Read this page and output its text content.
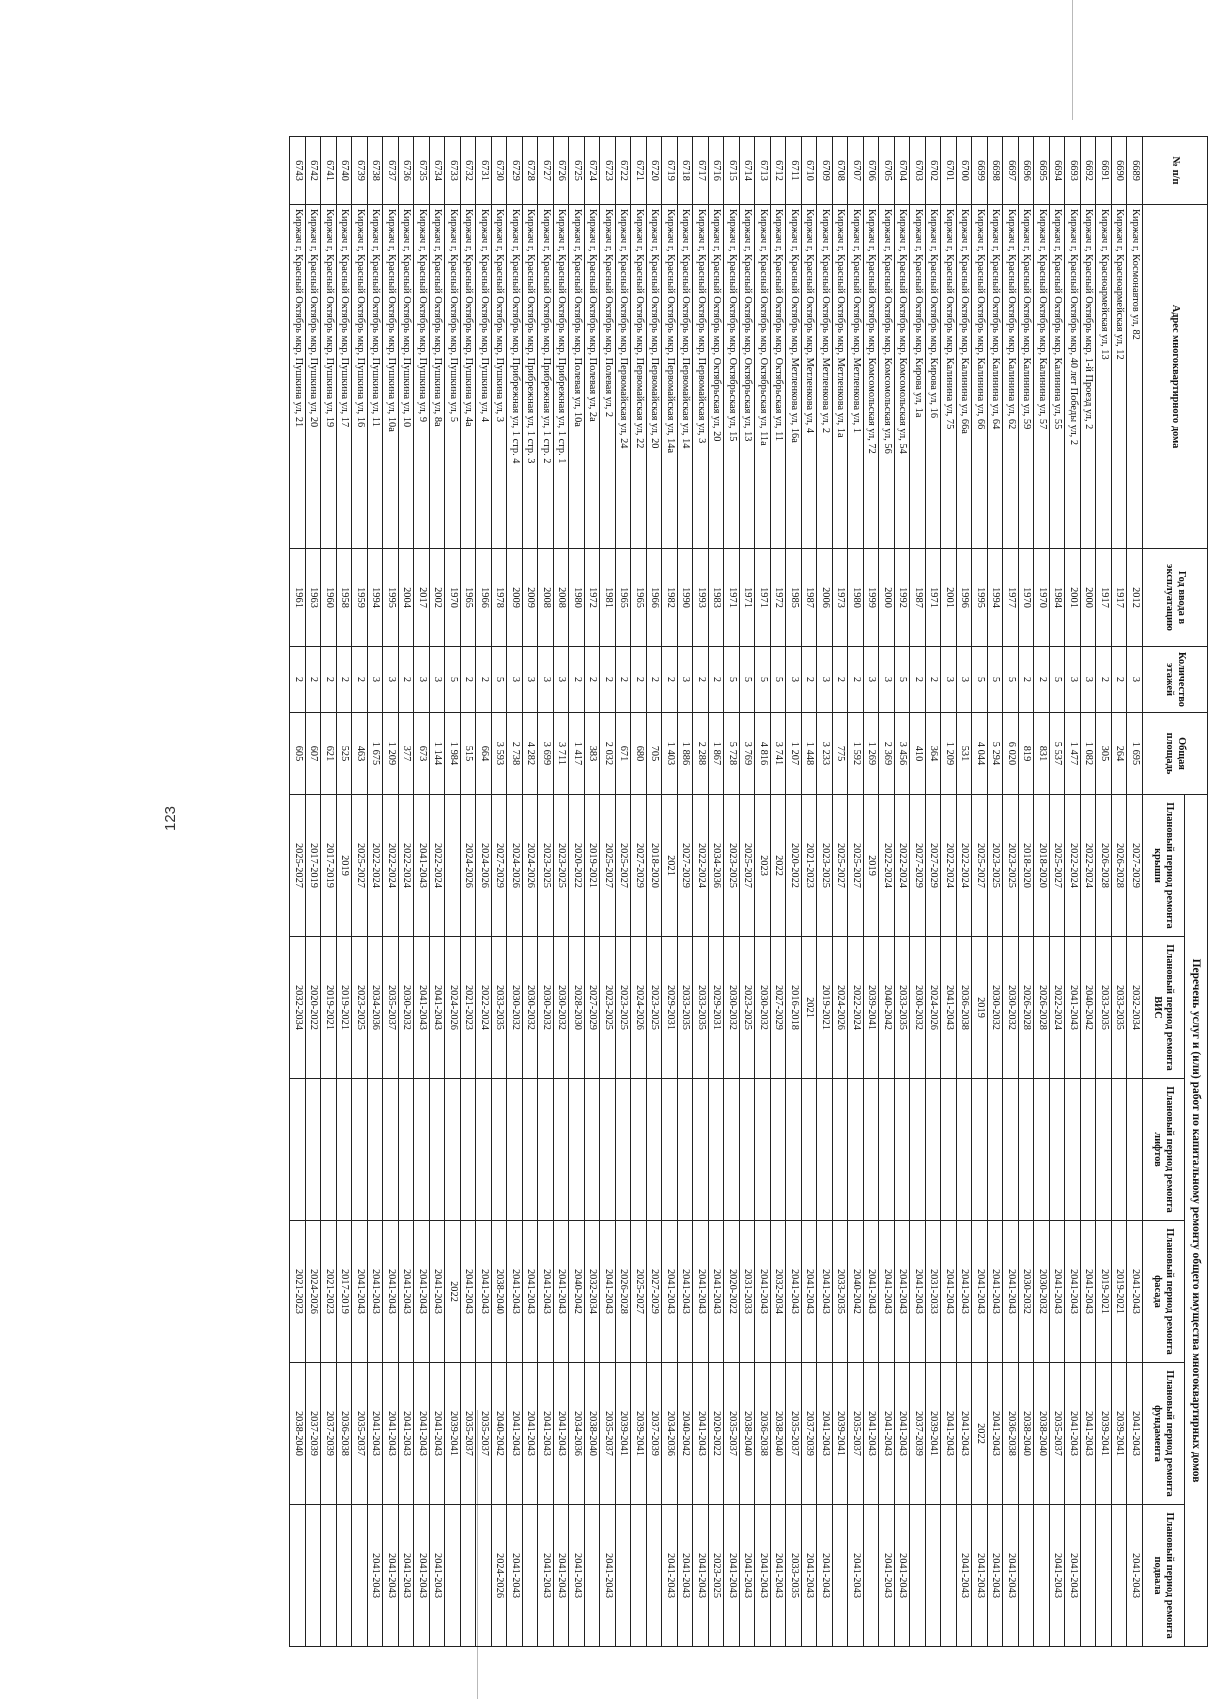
123
№ п/п	Адрес многоквартирного дома	Год ввода в эксплуатацию	Количество этажей	Общая площадь	Перечень услуг и (или) работ по капитальному ремонту общего имущества многоквартирных домов					
					Плановый период ремонта крыши	Плановый период ремонта ВИС	Плановый период ремонта лифтов	Плановый период ремонта фасада	Плановый период ремонта фундамента	Плановый период ремонта подвала
6689	Киржач г, Космонавтов ул, 82	2012	3	1 695	2027-2029	2032-2034		2041-2043	2041-2043	2041-2043
6690	Киржач г, Красноармейская ул, 12	1917	2	264	2026-2028	2033-2035		2019-2021	2039-2041	
6691	Киржач г, Красноармейская ул, 13	1917	2	305	2026-2028	2033-2035		2019-2021	2039-2041	
6692	Киржач г, Красный Октябрь мкр, 1-й Проезд ул, 2	2000	3	1 082	2022-2024	2040-2042		2041-2043	2041-2043	
6693	Киржач г, Красный Октябрь мкр, 40 лет Победы ул, 2	2001	3	1 477	2022-2024	2041-2043		2041-2043	2041-2043	2041-2043
6694	Киржач г, Красный Октябрь мкр, Калинина ул, 55	1984	5	5 537	2025-2027	2022-2024		2041-2043	2035-2037	2041-2043
6695	Киржач г, Красный Октябрь мкр, Калинина ул, 57	1970	2	831	2018-2020	2026-2028		2030-2032	2038-2040	
6696	Киржач г, Красный Октябрь мкр, Калинина ул, 59	1970	2	819	2018-2020	2026-2028		2030-2032	2038-2040	
6697	Киржач г, Красный Октябрь мкр, Калинина ул, 62	1977	5	6 020	2023-2025	2030-2032		2041-2043	2036-2038	2041-2043
6698	Киржач г, Красный Октябрь мкр, Калинина ул, 64	1994	5	5 294	2023-2025	2030-2032		2041-2043	2041-2043	2041-2043
6699	Киржач г, Красный Октябрь мкр, Калинина ул, 66	1995	5	4 044	2025-2027	2019		2041-2043	2022	2041-2043
6700	Киржач г, Красный Октябрь мкр, Калинина ул, 66а	1996	3	531	2022-2024	2036-2038		2041-2043	2041-2043	2041-2043
6701	Киржач г, Красный Октябрь мкр, Калинина ул, 75	2001	3	1 209	2022-2024	2041-2043		2041-2043	2041-2043	
6702	Киржач г, Красный Октябрь мкр, Кирова ул, 16	1971	2	364	2027-2029	2024-2026		2031-2033	2039-2041	
6703	Киржач г, Красный Октябрь мкр, Кирова ул, 1а	1987	2	410	2027-2029	2030-2032		2041-2043	2037-2039	
6704	Киржач г, Красный Октябрь мкр, Комсомольская ул, 54	1992	5	3 456	2022-2024	2033-2035		2041-2043	2041-2043	2041-2043
6705	Киржач г, Красный Октябрь мкр, Комсомольская ул, 56	2000	3	2 369	2022-2024	2040-2042		2041-2043	2041-2043	2041-2043
6706	Киржач г, Красный Октябрь мкр, Комсомольская ул, 72	1999	3	1 269	2019	2039-2041		2041-2043	2041-2043	
6707	Киржач г, Красный Октябрь мкр, Метленкова ул, 1	1980	2	1 592	2025-2027	2022-2024		2040-2042	2035-2037	2041-2043
6708	Киржач г, Красный Октябрь мкр, Метленкова ул, 1а	1973	2	775	2025-2027	2024-2026		2033-2035	2039-2041	
6709	Киржач г, Красный Октябрь мкр, Метленкова ул, 2	2006	3	3 233	2023-2025	2019-2021		2041-2043	2041-2043	2041-2043
6710	Киржач г, Красный Октябрь мкр, Метленкова ул, 4	1987	2	1 448	2021-2023	2021		2041-2043	2037-2039	2041-2043
6711	Киржач г, Красный Октябрь мкр, Метленкова ул, 16а	1985	3	1 207	2020-2022	2016-2018		2041-2043	2035-2037	2033-2035
6712	Киржач г, Красный Октябрь мкр, Октябрьская ул, 11	1972	5	3 741	2022	2027-2029		2032-2034	2038-2040	2041-2043
6713	Киржач г, Красный Октябрь мкр, Октябрьская ул, 11а	1971	5	4 816	2023	2030-2032		2041-2043	2036-2038	2041-2043
6714	Киржач г, Красный Октябрь мкр, Октябрьская ул, 13	1971	5	3 769	2025-2027	2023-2025		2031-2033	2038-2040	2041-2043
6715	Киржач г, Красный Октябрь мкр, Октябрьская ул, 15	1971	5	5 728	2023-2025	2030-2032		2020-2022	2035-2037	2041-2043
6716	Киржач г, Красный Октябрь мкр, Октябрьская ул, 20	1983	2	1 867	2034-2036	2029-2031		2041-2043	2020-2022	2023-2025
6717	Киржач г, Красный Октябрь мкр, Первомайская ул, 3	1993	2	2 288	2022-2024	2033-2035		2041-2043	2041-2043	2041-2043
6718	Киржач г, Красный Октябрь мкр, Первомайская ул, 14	1990	3	1 886	2027-2029	2033-2035		2041-2043	2040-2042	2041-2043
6719	Киржач г, Красный Октябрь мкр, Первомайская ул, 14а	1982	2	1 403	2021	2029-2031		2041-2043	2034-2036	2041-2043
6720	Киржач г, Красный Октябрь мкр, Первомайская ул, 20	1966	2	705	2018-2020	2023-2025		2027-2029	2037-2039	
6721	Киржач г, Красный Октябрь мкр, Первомайская ул, 22	1965	2	680	2027-2029	2024-2026		2025-2027	2039-2041	
6722	Киржач г, Красный Октябрь мкр, Первомайская ул, 24	1965	2	671	2025-2027	2023-2025		2026-2028	2039-2041	
6723	Киржач г, Красный Октябрь мкр, Полевая ул, 2	1981	2	2 032	2025-2027	2023-2025		2041-2043	2035-2037	2041-2043
6724	Киржач г, Красный Октябрь мкр, Полевая ул, 2а	1972	2	383	2019-2021	2027-2029		2032-2034	2038-2040	
6725	Киржач г, Красный Октябрь мкр, Полевая ул, 10а	1980	2	1 417	2020-2022	2028-2030		2040-2042	2034-2036	2041-2043
6726	Киржач г, Красный Октябрь мкр, Прибрежная ул, 1 стр. 1	2008	3	3 711	2023-2025	2030-2032		2041-2043	2041-2043	2041-2043
6727	Киржач г, Красный Октябрь мкр, Прибрежная ул, 1 стр. 2	2008	3	3 699	2023-2025	2030-2032		2041-2043	2041-2043	2041-2043
6728	Киржач г, Красный Октябрь мкр, Прибрежная ул, 1 стр. 3	2009	3	4 282	2024-2026	2030-2032		2041-2043	2041-2043	
6729	Киржач г, Красный Октябрь мкр, Прибрежная ул, 1 стр. 4	2009	3	2 738	2024-2026	2030-2032		2041-2043	2041-2043	2041-2043
6730	Киржач г, Красный Октябрь мкр, Пушкина ул, 3	1978	5	3 593	2027-2029	2033-2035		2038-2040	2040-2042	2024-2026
6731	Киржач г, Красный Октябрь мкр, Пушкина ул, 4	1966	2	664	2024-2026	2022-2024		2041-2043	2035-2037	
6732	Киржач г, Красный Октябрь мкр, Пушкина ул, 4а	1965	2	515	2024-2026	2021-2023		2041-2043	2035-2037	
6733	Киржач г, Красный Октябрь мкр, Пушкина ул, 5	1970	5	1 984		2024-2026		2022	2039-2041	
6734	Киржач г, Красный Октябрь мкр, Пушкина ул, 8а	2002	3	1 144	2022-2024	2041-2043		2041-2043	2041-2043	2041-2043
6735	Киржач г, Красный Октябрь мкр, Пушкина ул, 9	2017	3	673	2041-2043	2041-2043		2041-2043	2041-2043	2041-2043
6736	Киржач г, Красный Октябрь мкр, Пушкина ул, 10	2004	2	377	2022-2024	2030-2032		2041-2043	2041-2043	2041-2043
6737	Киржач г, Красный Октябрь мкр, Пушкина ул, 10а	1995	3	1 209	2022-2024	2035-2037		2041-2043	2041-2043	2041-2043
6738	Киржач г, Красный Октябрь мкр, Пушкина ул, 11	1994	3	1 675	2022-2024	2034-2036		2041-2043	2041-2043	2041-2043
6739	Киржач г, Красный Октябрь мкр, Пушкина ул, 16	1959	2	463	2025-2027	2023-2025		2041-2043	2035-2037	
6740	Киржач г, Красный Октябрь мкр, Пушкина ул, 17	1958	2	525	2019	2019-2021		2017-2019	2036-2038	
6741	Киржач г, Красный Октябрь мкр, Пушкина ул, 19	1960	2	621	2017-2019	2019-2021		2021-2023	2037-2039	
6742	Киржач г, Красный Октябрь мкр, Пушкина ул, 20	1963	2	607	2017-2019	2020-2022		2024-2026	2037-2039	
6743	Киржач г, Красный Октябрь мкр, Пушкина ул, 21	1961	2	605	2025-2027	2032-2034		2021-2023	2038-2040	
